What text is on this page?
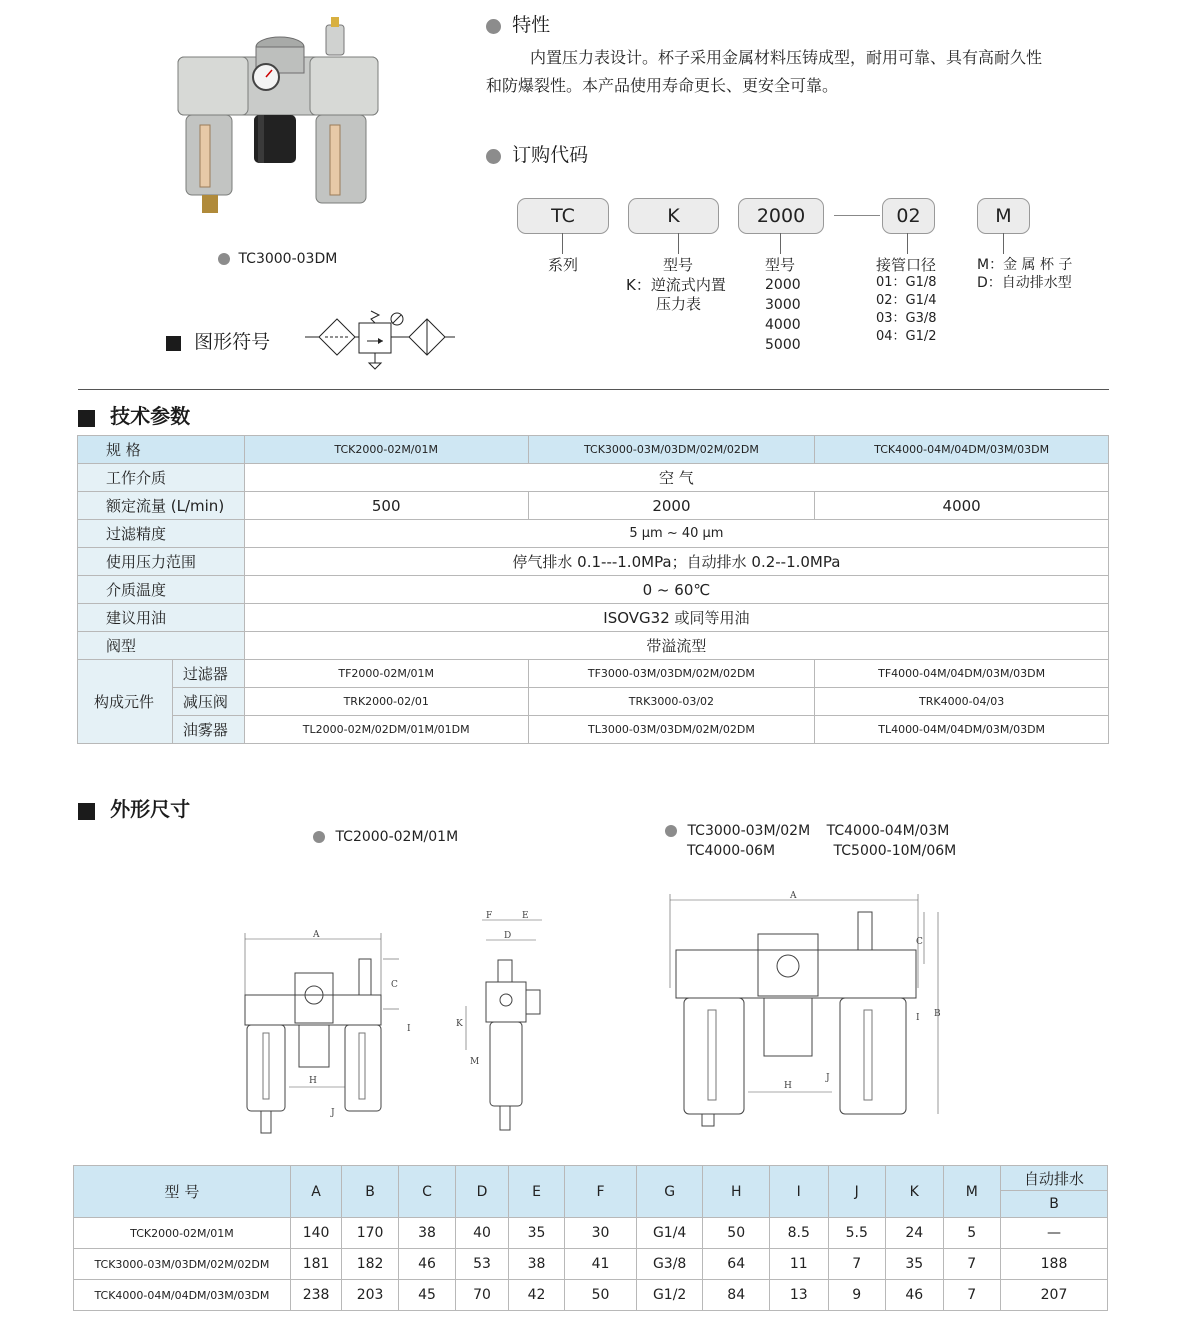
TC3000-03DM
特性
内置压力表设计。杯子采用金属材料压铸成型，耐用可靠、具有高耐久性
和防爆裂性。本产品使用寿命更长、更安全可靠。
图形符号
订购代码
TC	K	2000	02	M
系列	型号
K：逆流式内置
压力表
型号
2000
3000
4000
5000
接管口径
01：G1/8
02：G1/4
03：G3/8
04：G1/2
M：金 属 杯 子
D：自动排水型
技术参数
规 格		TCK2000-02M/01M	TCK3000-03M/03DM/02M/02DM	TCK4000-04M/04DM/03M/03DM
工作介质		空 气		
额定流量 (L/min)		500	2000	4000
过滤精度		5 μm ~ 40 μm		
使用压力范围		停气排水 0.1---1.0MPa；自动排水 0.2--1.0MPa		
介质温度		0 ~ 60℃		
建议用油		ISOVG32 或同等用油		
阀型		带溢流型		
构成元件	过滤器	TF2000-02M/01M	TF3000-03M/03DM/02M/02DM	TF4000-04M/04DM/03M/03DM
	减压阀	TRK2000-02/01	TRK3000-03/02	TRK4000-04/03
	油雾器	TL2000-02M/02DM/01M/01DM	TL3000-03M/03DM/02M/02DM	TL4000-04M/04DM/03M/03DM
外形尺寸
TC2000-02M/01M	TC3000-03M/02M TC4000-04M/03M
TC4000-06M	TC5000-10M/06M
A
C
I
H
J
F	E
D
K
M
A
C
B
I
H
J
型 号	A	B	C	D	E	F	G	H	I	J	K	M	自动排水
													B
TCK2000-02M/01M	140	170	38	40	35	30	G1/4	50	8.5	5.5	24	5	—
TCK3000-03M/03DM/02M/02DM	181	182	46	53	38	41	G3/8	64	11	7	35	7	188
TCK4000-04M/04DM/03M/03DM	238	203	45	70	42	50	G1/2	84	13	9	46	7	207
